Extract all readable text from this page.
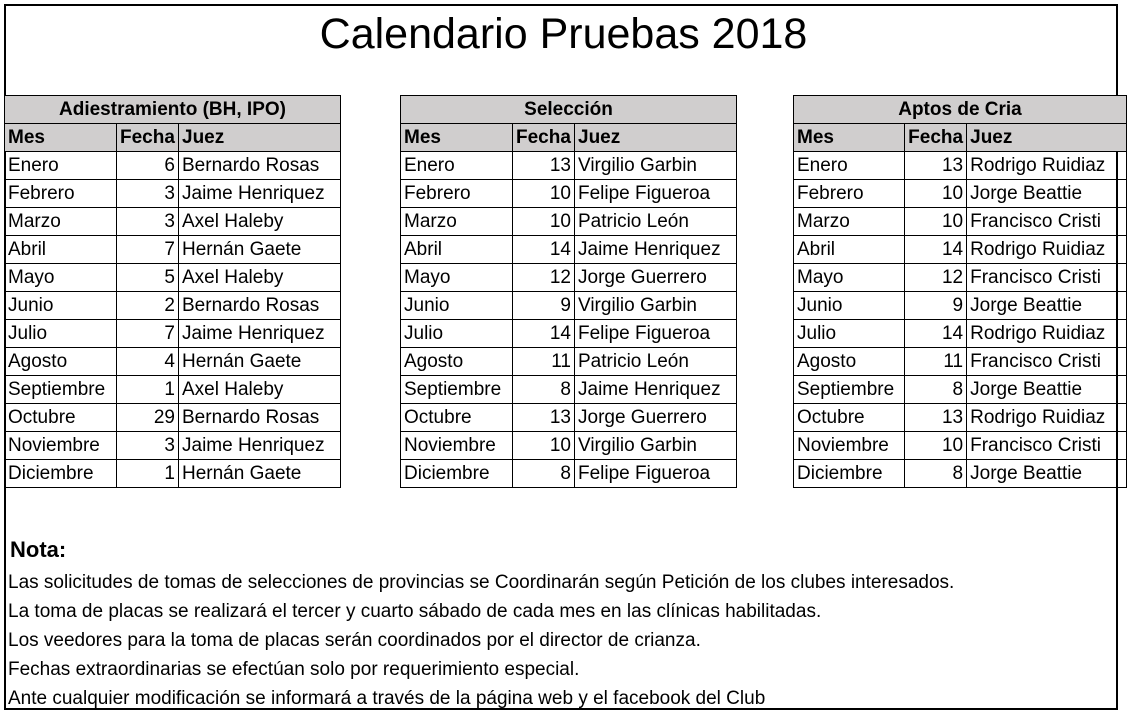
Calendario Pruebas 2018
Adiestramiento (BH, IPO)		
Mes	Fecha	Juez
Enero	6	Bernardo Rosas
Febrero	3	Jaime Henriquez
Marzo	3	Axel Haleby
Abril	7	Hernán Gaete
Mayo	5	Axel Haleby
Junio	2	Bernardo Rosas
Julio	7	Jaime Henriquez
Agosto	4	Hernán Gaete
Septiembre	1	Axel Haleby
Octubre	29	Bernardo Rosas
Noviembre	3	Jaime Henriquez
Diciembre	1	Hernán Gaete
Selección		
Mes	Fecha	Juez
Enero	13	Virgilio Garbin
Febrero	10	Felipe Figueroa
Marzo	10	Patricio León
Abril	14	Jaime Henriquez
Mayo	12	Jorge Guerrero
Junio	9	Virgilio Garbin
Julio	14	Felipe Figueroa
Agosto	11	Patricio León
Septiembre	8	Jaime Henriquez
Octubre	13	Jorge Guerrero
Noviembre	10	Virgilio Garbin
Diciembre	8	Felipe Figueroa
Aptos de Cria		
Mes	Fecha	Juez
Enero	13	Rodrigo Ruidiaz
Febrero	10	Jorge Beattie
Marzo	10	Francisco Cristi
Abril	14	Rodrigo Ruidiaz
Mayo	12	Francisco Cristi
Junio	9	Jorge Beattie
Julio	14	Rodrigo Ruidiaz
Agosto	11	Francisco Cristi
Septiembre	8	Jorge Beattie
Octubre	13	Rodrigo Ruidiaz
Noviembre	10	Francisco Cristi
Diciembre	8	Jorge Beattie
Nota:
Las solicitudes de tomas de selecciones de provincias se Coordinarán según Petición de los clubes interesados.
La toma de placas se realizará el tercer y cuarto sábado de cada mes en las clínicas habilitadas.
Los veedores para la toma de placas serán coordinados por el director de crianza.
Fechas extraordinarias se efectúan solo por requerimiento especial.
Ante cualquier modificación se informará a través de la página web y el facebook del Club
